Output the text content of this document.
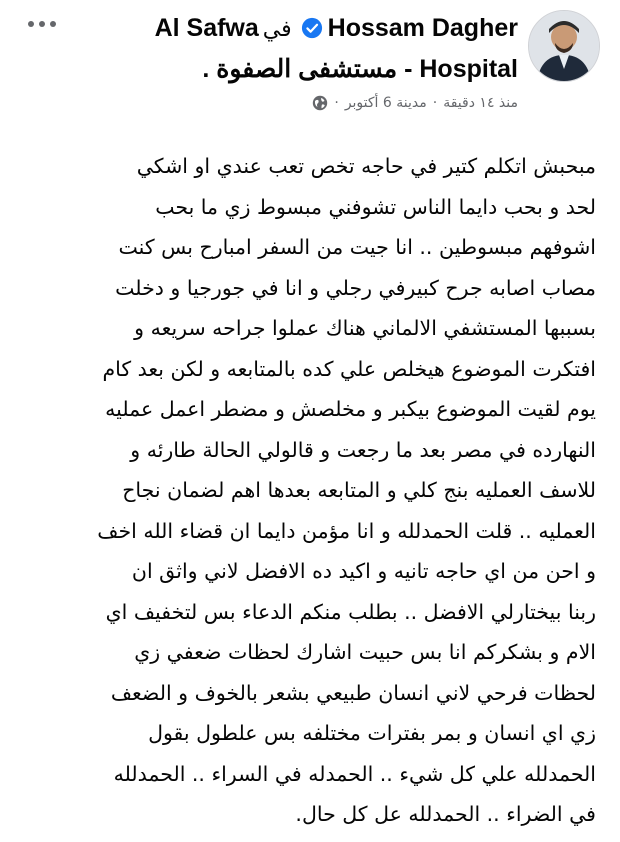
Hossam DagherفيAl Safwa
Hospital - مستشفى الصفوة .
منذ ١٤ دقيقة
·
مدينة 6 أكتوبر
·
مبحبش اتكلم كتير في حاجه تخص تعب عندي او اشكي
لحد و بحب دايما الناس تشوفني مبسوط زي ما بحب
اشوفهم مبسوطين .. انا جيت من السفر امبارح بس كنت
مصاب اصابه جرح كبيرفي رجلي و انا في جورجيا و دخلت
بسببها المستشفي الالماني هناك عملوا جراحه سريعه و
افتكرت الموضوع هيخلص علي كده بالمتابعه و لكن بعد كام
يوم لقيت الموضوع بيكبر و مخلصش و مضطر اعمل عمليه
النهارده في مصر بعد ما رجعت و قالولي الحالة طارئه و
للاسف العمليه بنج كلي و المتابعه بعدها اهم لضمان نجاح
العمليه .. قلت الحمدلله و انا مؤمن دايما ان قضاء الله اخف
و احن من اي حاجه تانيه و اكيد ده الافضل لاني واثق ان
ربنا بيختارلي الافضل .. بطلب منكم الدعاء بس لتخفيف اي
الام و بشكركم انا بس حبيت اشارك لحظات ضعفي زي
لحظات فرحي لاني انسان طبيعي بشعر بالخوف و الضعف
زي اي انسان و بمر بفترات مختلفه بس علطول بقول
الحمدلله علي كل شيء .. الحمدله في السراء .. الحمدلله
في الضراء .. الحمدلله عل كل حال.
